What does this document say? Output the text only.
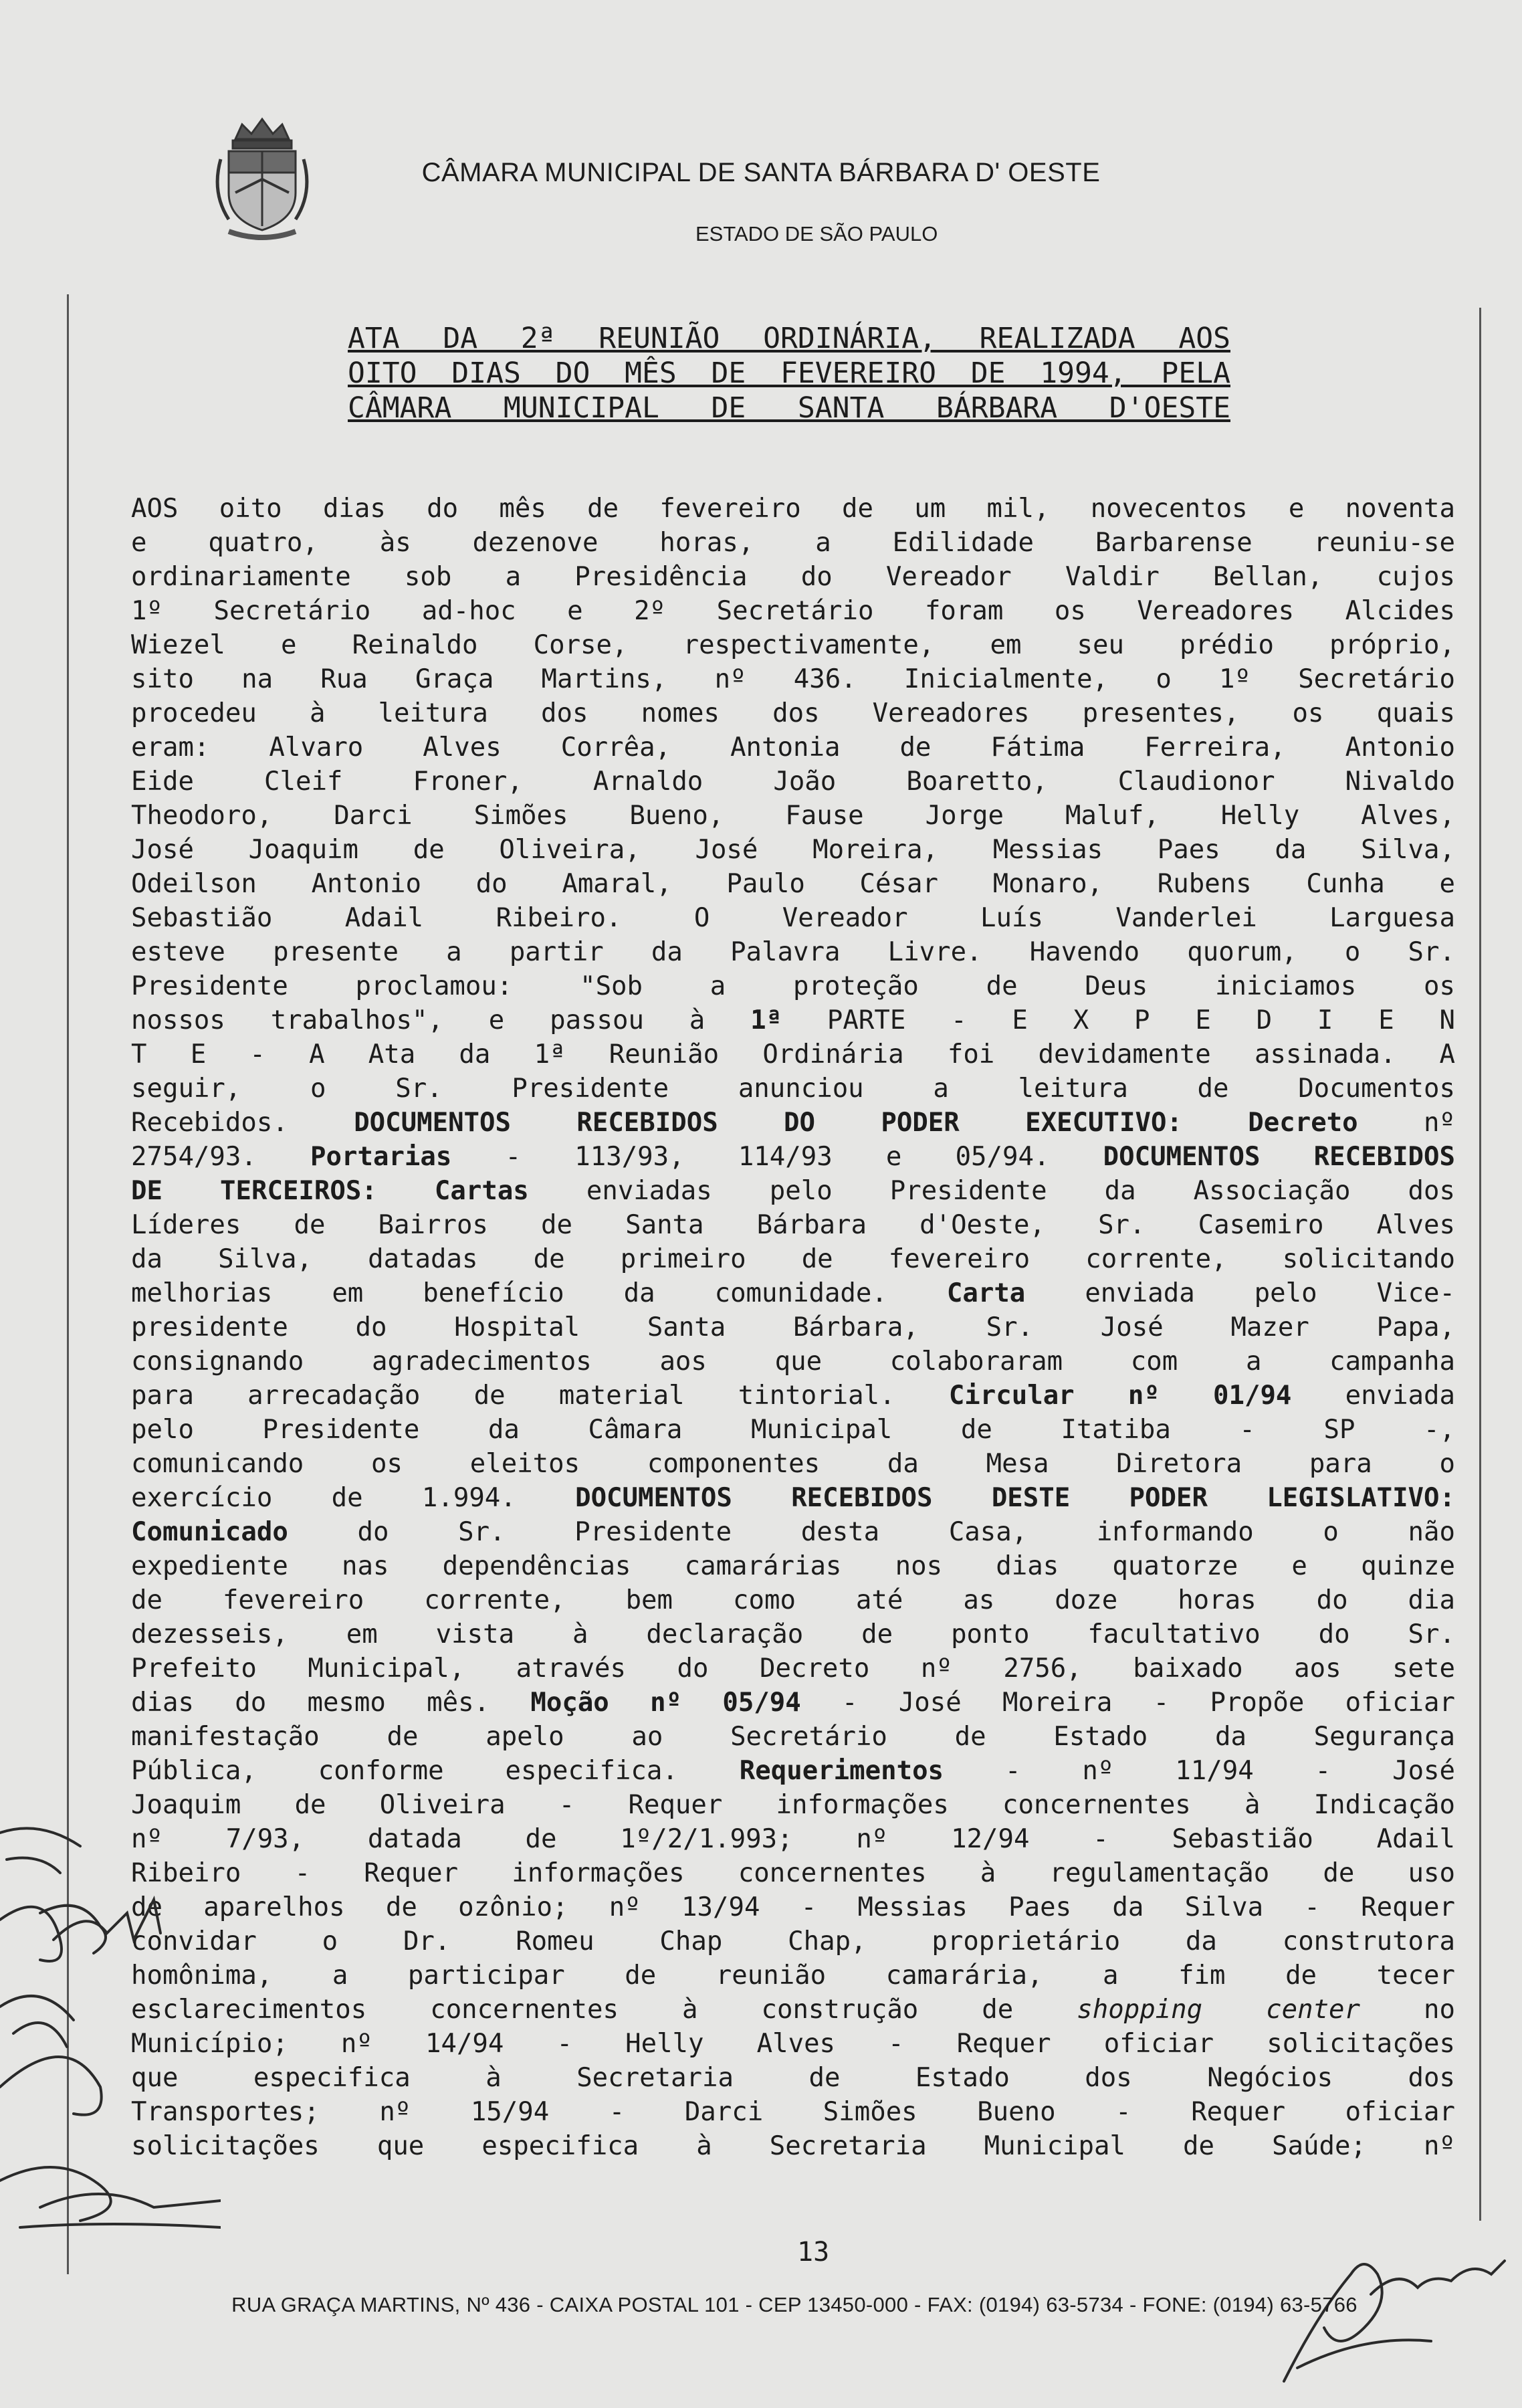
CÂMARA MUNICIPAL DE SANTA BÁRBARA D' OESTE
ESTADO DE SÃO PAULO
ATA DA 2ª REUNIÃO ORDINÁRIA, REALIZADA AOS
OITO DIAS DO MÊS DE FEVEREIRO DE 1994, PELA
CÂMARA MUNICIPAL DE SANTA BÁRBARA D'OESTE
AOS oito dias do mês de fevereiro de um mil, novecentos e noventa
e quatro, às dezenove horas, a Edilidade Barbarense reuniu-se
ordinariamente sob a Presidência do Vereador Valdir Bellan, cujos
1º Secretário ad-hoc e 2º Secretário foram os Vereadores Alcides
Wiezel e Reinaldo Corse, respectivamente, em seu prédio próprio,
sito na Rua Graça Martins, nº 436. Inicialmente, o 1º Secretário
procedeu à leitura dos nomes dos Vereadores presentes, os quais
eram: Alvaro Alves Corrêa, Antonia de Fátima Ferreira, Antonio
Eide Cleif Froner, Arnaldo João Boaretto, Claudionor Nivaldo
Theodoro, Darci Simões Bueno, Fause Jorge Maluf, Helly Alves,
José Joaquim de Oliveira, José Moreira, Messias Paes da Silva,
Odeilson Antonio do Amaral, Paulo César Monaro, Rubens Cunha e
Sebastião Adail Ribeiro. O Vereador Luís Vanderlei Larguesa
esteve presente a partir da Palavra Livre. Havendo quorum, o Sr.
Presidente proclamou: "Sob a proteção de Deus iniciamos os
nossos trabalhos", e passou à 1ª PARTE - E X P E D I E N
T E - A Ata da 1ª Reunião Ordinária foi devidamente assinada. A
seguir, o Sr. Presidente anunciou a leitura de Documentos
Recebidos.	DOCUMENTOS RECEBIDOS DO PODER EXECUTIVO: Decreto	nº
2754/93. Portarias - 113/93, 114/93 e 05/94. DOCUMENTOS RECEBIDOS
DE TERCEIROS: Cartas enviadas pelo Presidente da Associação dos
Líderes de Bairros de Santa Bárbara d'Oeste, Sr. Casemiro Alves
da Silva, datadas de primeiro de fevereiro corrente, solicitando
melhorias em benefício da comunidade. Carta enviada pelo Vice-
presidente do Hospital Santa Bárbara, Sr. José Mazer Papa,
consignando agradecimentos aos que colaboraram com a campanha
para arrecadação de material tintorial. Circular nº 01/94 enviada
pelo Presidente da Câmara Municipal de Itatiba - SP -,
comunicando os eleitos componentes da Mesa Diretora para o
exercício de 1.994. DOCUMENTOS RECEBIDOS DESTE PODER LEGISLATIVO:
Comunicado	do Sr. Presidente desta Casa, informando o não
expediente nas dependências camarárias nos dias quatorze e quinze
de fevereiro corrente, bem como até as doze horas do dia
dezesseis, em vista à declaração de ponto facultativo do Sr.
Prefeito Municipal, através do Decreto nº 2756, baixado aos sete
dias do mesmo mês. Moção nº 05/94 - José Moreira - Propõe oficiar
manifestação de apelo ao Secretário de Estado da Segurança
Pública, conforme especifica. Requerimentos - nº 11/94 - José
Joaquim de Oliveira - Requer informações concernentes à Indicação
nº 7/93, datada de 1º/2/1.993; nº 12/94 - Sebastião Adail
Ribeiro - Requer informações concernentes à regulamentação de uso
de aparelhos de ozônio; nº 13/94 - Messias Paes da Silva - Requer
convidar o Dr. Romeu Chap Chap, proprietário da construtora
homônima, a participar de reunião camarária, a fim de tecer
esclarecimentos concernentes à construção de shopping center no
Município; nº 14/94 - Helly Alves - Requer oficiar solicitações
que especifica à Secretaria de Estado dos Negócios dos
Transportes; nº 15/94 - Darci Simões Bueno - Requer oficiar
solicitações que especifica à Secretaria Municipal de Saúde; nº
13
RUA GRAÇA MARTINS, Nº 436 - CAIXA POSTAL 101 - CEP 13450-000 - FAX: (0194) 63-5734 - FONE: (0194) 63-5766
